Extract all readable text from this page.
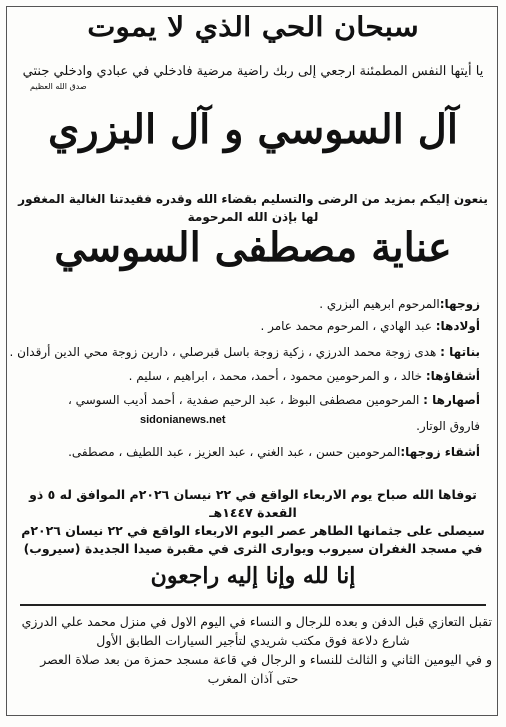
سبحان الحي الذي لا يموت
يا أيتها النفس المطمئنة ارجعي إلى ربك راضية مرضية فادخلي في عبادي وادخلي جنتي
صدق الله العظيم
آل السوسي و آل البزري
ينعون إليكم بمزيد من الرضى والتسليم بقضاء الله وقدره فقيدتنا الغالية المغفور لها بإذن الله المرحومة
عناية مصطفى السوسي
زوجها:المرحوم ابرهيم البزري .
أولادها: عبد الهادي ، المرحوم محمد عامر .
بناتها : هدى زوجة محمد الدرزي ، زكية زوجة باسل قبرصلي ، دارين زوجة محي الدين أرقدان .
أشقاؤها: خالد ، و المرحومين محمود ، أحمد، محمد ، ابراهيم ، سليم .
أصهارها : المرحومين مصطفى البوظ ، عبد الرحيم صفدية ، أحمد أديب السوسي ،
فاروق الوتار.
أشقاء زوجها:المرحومين حسن ، عبد الغني ، عبد العزيز ، عبد اللطيف ، مصطفى.
sidonianews.net
توفاها الله صباح يوم الاربعاء الواقع في ٢٢ نيسان ٢٠٢٦م الموافق له ٥ ذو القعدة ١٤٤٧هـ
سيصلى على جثمانها الطاهر عصر اليوم الاربعاء الواقع في ٢٢ نيسان ٢٠٢٦م
في مسجد الغفران سيروب ويوارى الثرى في مقبرة صيدا الجديدة (سيروب)
إنا لله وإنا إليه راجعون
تقبل التعازي قبل الدفن و بعده للرجال و النساء في اليوم الاول في منزل محمد علي الدرزي
شارع دلاعة فوق مكتب شريدي لتأجير السيارات الطابق الأول
و في اليومين الثاني و الثالث للنساء و الرجال في قاعة مسجد حمزة من بعد صلاة العصر
حتى آذان المغرب
